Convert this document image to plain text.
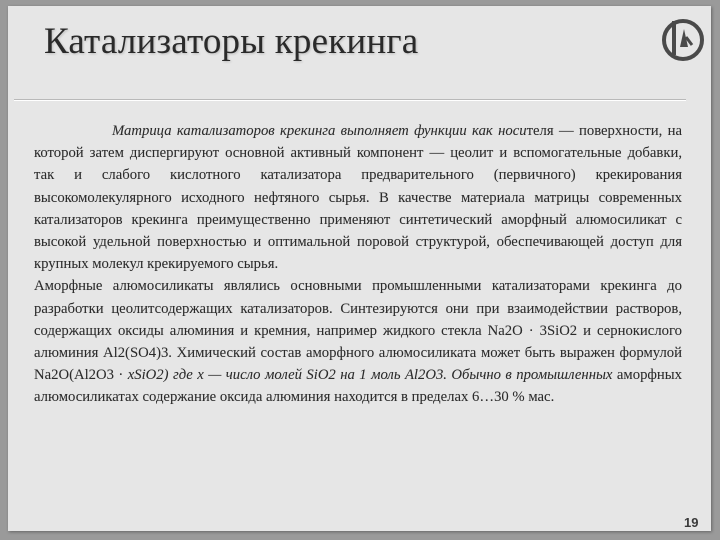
Катализаторы крекинга

Матрица катализаторов крекинга выполняет функции как носителя — поверхности, на которой затем диспергируют основной активный компонент — цеолит и вспомогательные добавки, так и слабого кислотного катализатора предварительного (первичного) крекирования высокомолекулярного исходного нефтяного сырья. В качестве материала матрицы современных катализаторов крекинга преимущественно применяют синтетический аморфный алюмосиликат с высокой удельной поверхностью и оптимальной поровой структурой, обеспечивающей доступ для крупных молекул крекируемого сырья.

Аморфные алюмосиликаты являлись основными промышленными катализаторами крекинга до разработки цеолитсодержащих катализаторов. Синтезируются они при взаимодействии растворов, содержащих оксиды алюминия и кремния, например жидкого стекла Na2O · 3SiO2 и сернокислого алюминия Al2(SO4)3. Химический состав аморфного алюмосиликата может быть выражен формулой Na2O(Al2O3 · xSiO2) где x — число молей SiO2 на 1 моль Al2O3. Обычно в промышленных аморфных алюмосиликатах содержание оксида алюминия находится в пределах 6…30 % мас.

19
